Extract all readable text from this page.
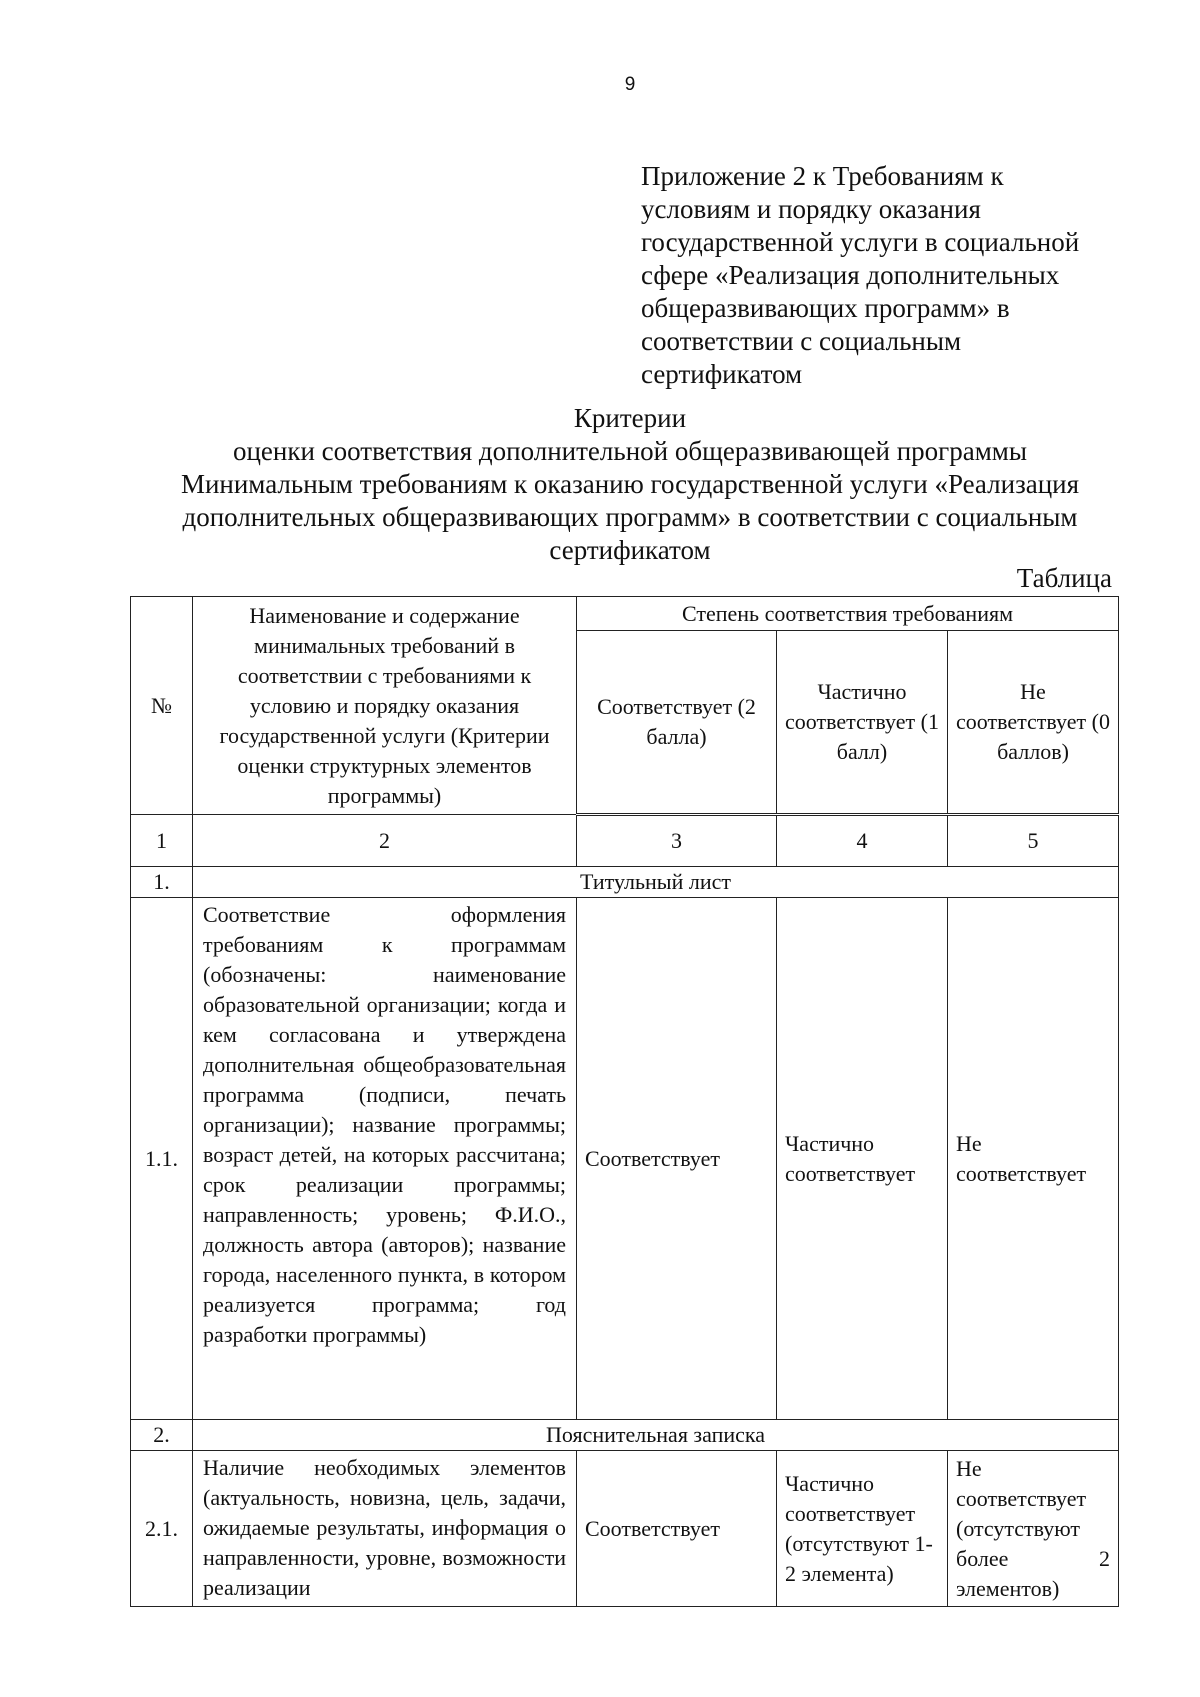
9
Приложение 2 к Требованиям к
условиям и порядку оказания
государственной услуги в социальной
сфере «Реализация дополнительных
общеразвивающих программ» в
соответствии с социальным
сертификатом
Критерии
оценки соответствия дополнительной общеразвивающей программы
Минимальным требованиям к оказанию государственной услуги «Реализация
дополнительных общеразвивающих программ» в соответствии с социальным
сертификатом
Таблица
№	Наименование и содержание минимальных требований в соответствии с требованиями к условию и порядку оказания государственной услуги (Критерии оценки структурных элементов программы)	Степень соответствия требованиям		
		Соответствует (2 балла)	Частично соответствует (1 балл)	Не соответствует (0 баллов)
1	2	3	4	5
1.	Титульный лист			
1.1.	Соответствие оформления требованиям к программам (обозначены: наименование образовательной организации; когда и кем согласована и утверждена дополнительная общеобразовательная программа (подписи, печать организации); название программы; возраст детей, на которых рассчитана; срок реализации программы; направленность; уровень; Ф.И.О., должность автора (авторов); название города, населенного пункта, в котором реализуется программа; год разработки программы)	Соответствует	Частично соответствует	Не соответствует
2.	Пояснительная записка			
2.1.	Наличие необходимых элементов (актуальность, новизна, цель, задачи, ожидаемые результаты, информация о направленности, уровне, возможности реализации	Соответствует	Частично соответствует (отсутствуют 1-2 элемента)	Не соответствует (отсутствуют более 2 элементов)
